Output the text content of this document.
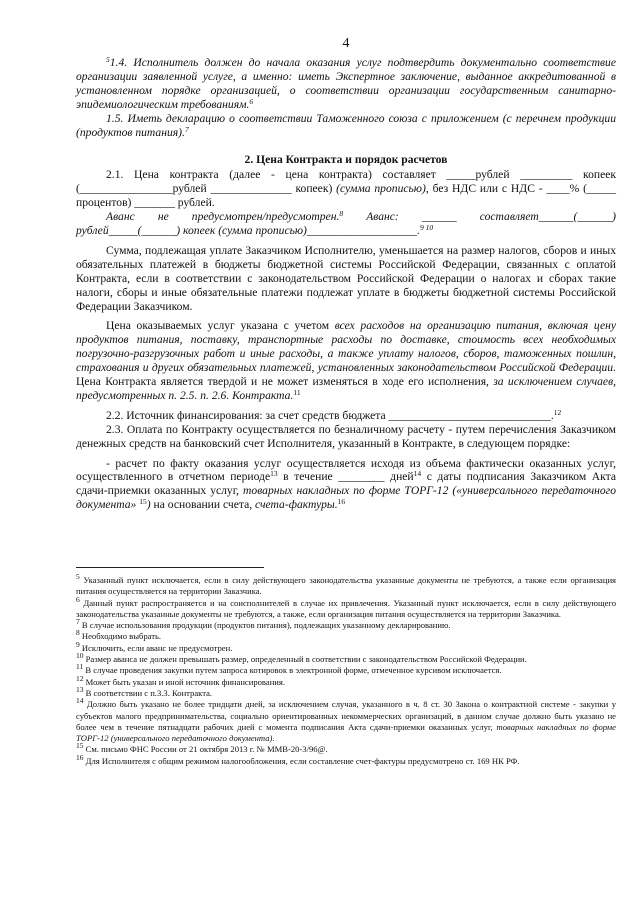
4

$^5$1.4. Исполнитель должен до начала оказания услуг подтвердить документально соответствие организации заявленной услуге, а именно: иметь Экспертное заключение, выданное аккредитованной в установленном порядке организацией, о соответствии организации государственным санитарно-эпидемиологическим требованиям.$^6$

1.5. Иметь декларацию о соответствии Таможенного союза с приложением (с перечнем продукции (продуктов питания).$^7$

2. Цена Контракта и порядок расчетов

2.1. Цена контракта (далее - цена контракта) составляет _____рублей _________ копеек (________________рублей ______________ копеек) (сумма прописью), без НДС или с НДС - ____% (_____ процентов) _______ рублей.

Аванс не предусмотрен/предусмотрен.$^8$ Аванс: ______ составляет______(______) рублей_____(______) копеек (сумма прописью)___________________.$^{9 10}$

Сумма, подлежащая уплате Заказчиком Исполнителю, уменьшается на размер налогов, сборов и иных обязательных платежей в бюджеты бюджетной системы Российской Федерации, связанных с оплатой Контракта, если в соответствии с законодательством Российской Федерации о налогах и сборах такие налоги, сборы и иные обязательные платежи подлежат уплате в бюджеты бюджетной системы Российской Федерации Заказчиком.

Цена оказываемых услуг указана с учетом всех расходов на организацию питания, включая цену продуктов питания, поставку, транспортные расходы по доставке, стоимость всех необходимых погрузочно-разгрузочных работ и иные расходы, а также уплату налогов, сборов, таможенных пошлин, страхования и других обязательных платежей, установленных законодательством Российской Федерации. Цена Контракта является твердой и не может изменяться в ходе его исполнения, за исключением случаев, предусмотренных п. 2.5. п. 2.6. Контракта.$^{11}$

2.2. Источник финансирования: за счет средств бюджета ____________________________.$^{12}$

2.3. Оплата по Контракту осуществляется по безналичному расчету - путем перечисления Заказчиком денежных средств на банковский счет Исполнителя, указанный в Контракте, в следующем порядке:

- расчет по факту оказания услуг осуществляется исходя из объема фактически оказанных услуг, осуществленного в отчетном периоде$^{13}$ в течение ________ дней$^{14}$ с даты подписания Заказчиком Акта сдачи-приемки оказанных услуг, товарных накладных по форме ТОРГ-12 («универсального передаточного документа» $^{15}$) на основании счета, счета-фактуры.$^{16}$

$^5$ Указанный пункт исключается, если в силу действующего законодательства указанные документы не требуются, а также если организация питания осуществляется на территории Заказчика.

$^6$ Данный пункт распространяется и на соисполнителей в случае их привлечения. Указанный пункт исключается, если в силу действующего законодательства указанные документы не требуются, а также, если организация питания осуществляется на территории Заказчика.

$^7$ В случае использования продукции (продуктов питания), подлежащих указанному декларированию.

$^8$ Необходимо выбрать.

$^9$ Исключить, если аванс не предусмотрен.

$^{10}$ Размер аванса не должен превышать размер, определенный в соответствии с законодательством Российской Федерации.

$^{11}$ В случае проведения закупки путем запроса котировок в электронной форме, отмеченное курсивом исключается.

$^{12}$ Может быть указан и иной источник финансирования.

$^{13}$ В соответствии с п.3.3. Контракта.

$^{14}$ Должно быть указано не более тридцати дней, за исключением случая, указанного в ч. 8 ст. 30 Закона о контрактной системе - закупки у субъектов малого предпринимательства, социально ориентированных некоммерческих организаций, в данном случае должно быть указано не более чем в течение пятнадцати рабочих дней с момента подписания Акта сдачи-приемки оказанных услуг, товарных накладных по форме ТОРГ-12 (универсального передаточного документа).

$^{15}$ См. письмо ФНС России от 21 октября 2013 г. № ММВ-20-3/96@.

$^{16}$ Для Исполнителя с общим режимом налогообложения, если составление счет-фактуры предусмотрено ст. 169 НК РФ.
